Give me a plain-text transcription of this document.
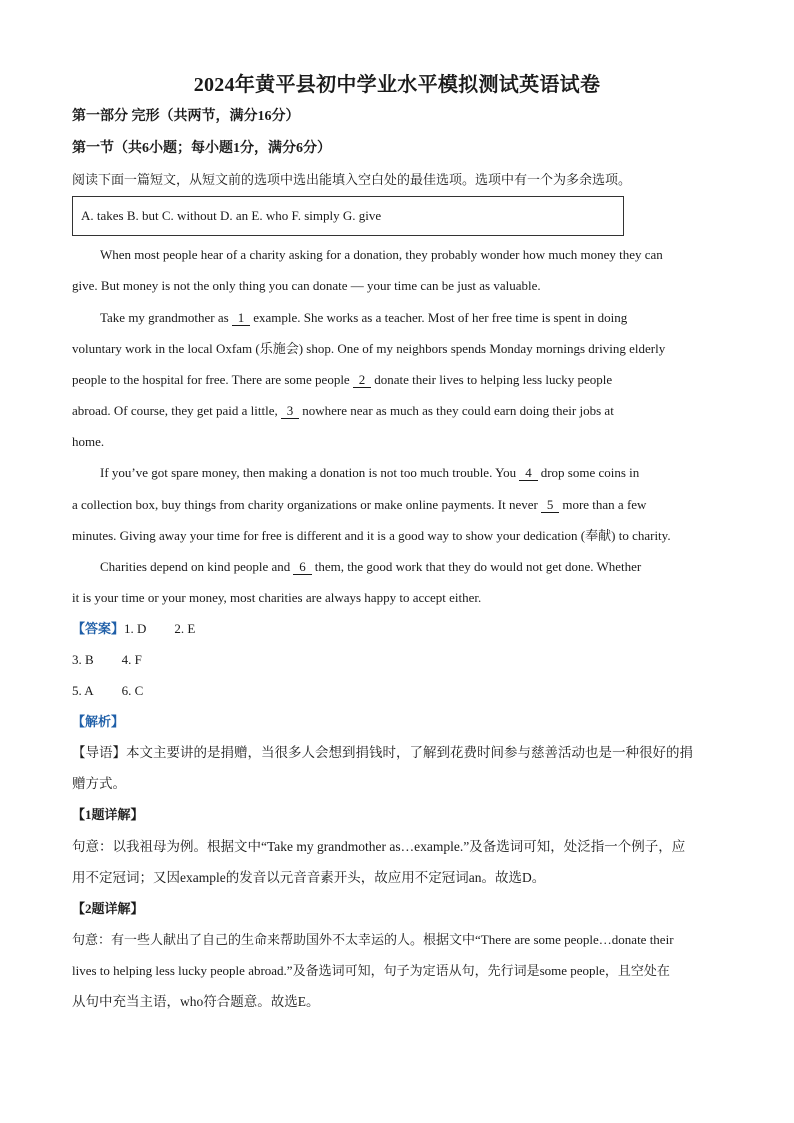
2024年黄平县初中学业水平模拟测试英语试卷
第一部分 完形（共两节，满分16分）
第一节（共6小题；每小题1分，满分6分）
阅读下面一篇短文，从短文前的选项中选出能填入空白处的最佳选项。选项中有一个为多余选项。
A. takes B. but C. without D. an E. who F. simply G. give
When most people hear of a charity asking for a donation, they probably wonder how much money they can
give. But money is not the only thing you can donate — your time can be just as valuable.
Take my grandmother as 1 example. She works as a teacher. Most of her free time is spent in doing
voluntary work in the local Oxfam (乐施会) shop. One of my neighbors spends Monday mornings driving elderly
people to the hospital for free. There are some people 2 donate their lives to helping less lucky people
abroad. Of course, they get paid a little, 3 nowhere near as much as they could earn doing their jobs at
home.
If you’ve got spare money, then making a donation is not too much trouble. You 4 drop some coins in
a collection box, buy things from charity organizations or make online payments. It never 5 more than a few
minutes. Giving away your time for free is different and it is a good way to show your dedication (奉献) to charity.
Charities depend on kind people and 6 them, the good work that they do would not get done. Whether
it is your time or your money, most charities are always happy to accept either.
【答案】1. D 2. E
3. B 4. F
5. A 6. C
【解析】
【导语】本文主要讲的是捐赠，当很多人会想到捐钱时，了解到花费时间参与慈善活动也是一种很好的捐
赠方式。
【1题详解】
句意：以我祖母为例。根据文中“Take my grandmother as…example.”及备选词可知，处泛指一个例子，应
用不定冠词；又因example的发音以元音音素开头，故应用不定冠词an。故选D。
【2题详解】
句意：有一些人献出了自己的生命来帮助国外不太幸运的人。根据文中“There are some people…donate their
lives to helping less lucky people abroad.”及备选词可知，句子为定语从句，先行词是some people，且空处在
从句中充当主语，who符合题意。故选E。
